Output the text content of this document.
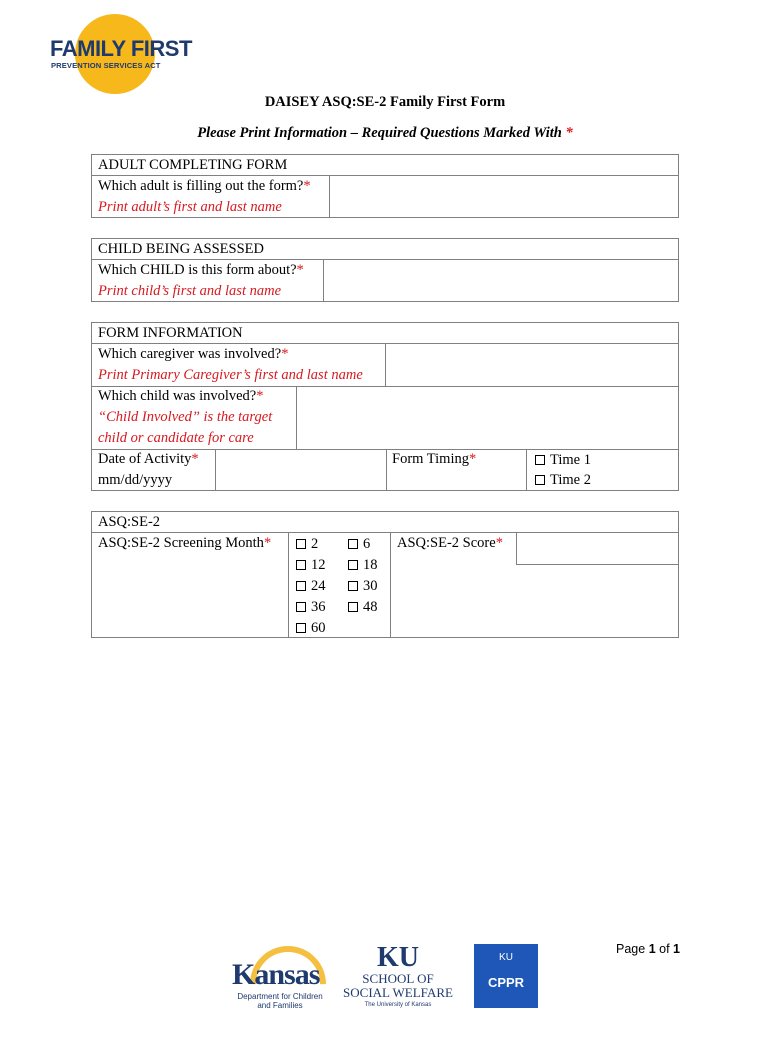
FAMILY FIRST
PREVENTION SERVICES ACT
DAISEY ASQ:SE-2 Family First Form
Please Print Information – Required Questions Marked With *
ADULT COMPLETING FORM
Which adult is filling out the form?*
Print adult’s first and last name
CHILD BEING ASSESSED
Which CHILD is this form about?*
Print child’s first and last name
FORM INFORMATION
Which caregiver was involved?*
Print Primary Caregiver’s first and last name
Which child was involved?*
“Child Involved” is the target
child or candidate for care
Date of Activity*
mm/dd/yyyy
Form Timing*	Time 1
Time 2
ASQ:SE-2
ASQ:SE-2 Screening Month*	2	6
12	18
24	30
36	48
60
ASQ:SE-2 Score*
Page 1 of 1
Kansas
Department for Children
and Families
KU
SCHOOL OF
SOCIAL WELFARE
The University of Kansas
KU
CPPR
